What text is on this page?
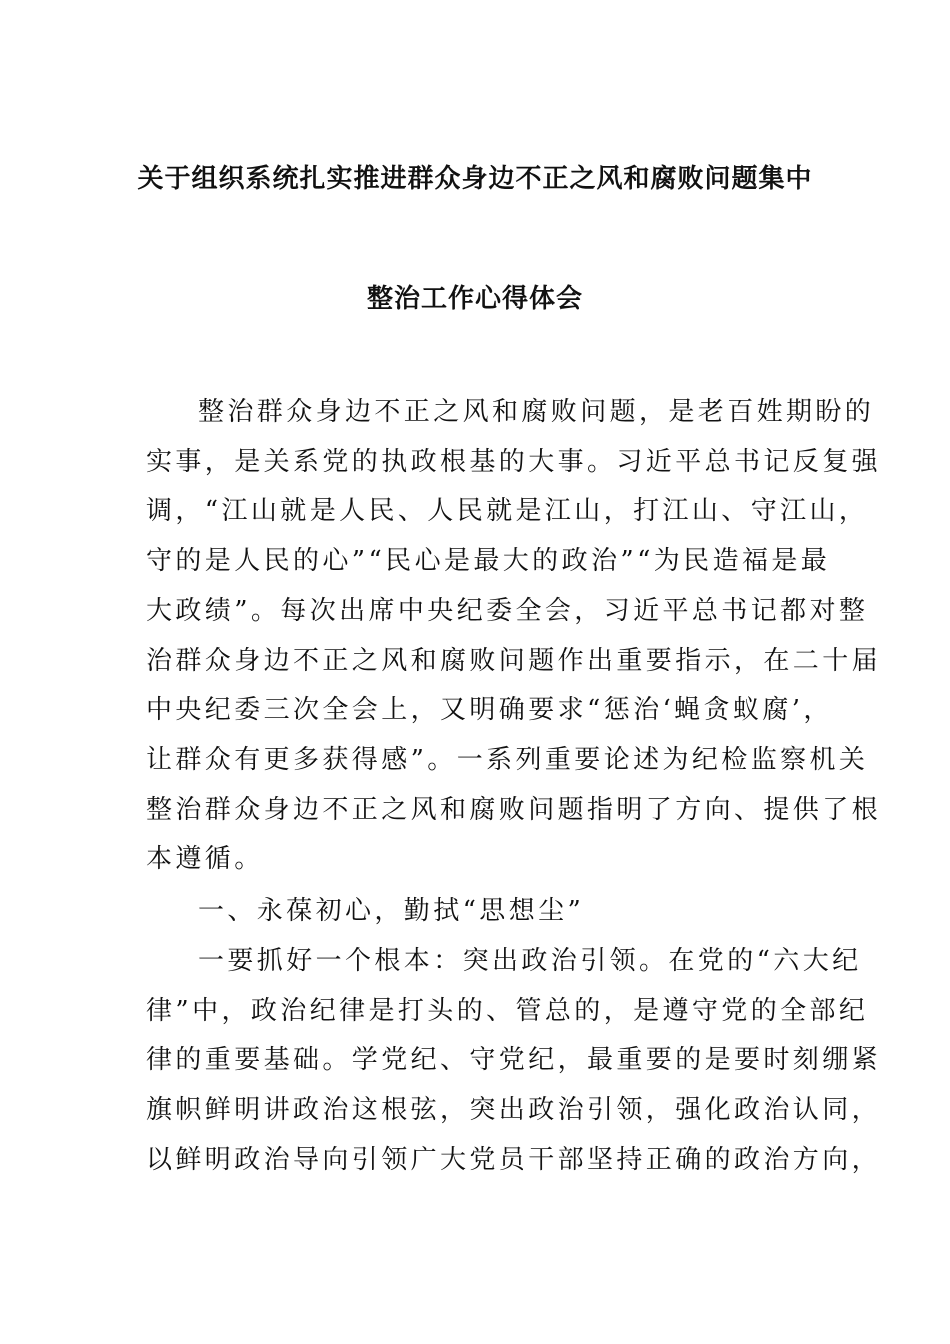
关于组织系统扎实推进群众身边不正之风和腐败问题集中
整治工作心得体会
整治群众身边不正之风和腐败问题，是老百姓期盼的
实事，是关系党的执政根基的大事。习近平总书记反复强
调，“江山就是人民、人民就是江山，打江山、守江山，
守的是人民的心”“民心是最大的政治”“为民造福是最
大政绩”。每次出席中央纪委全会，习近平总书记都对整
治群众身边不正之风和腐败问题作出重要指示，在二十届
中央纪委三次全会上，又明确要求“惩治‘蝇贪蚁腐’，
让群众有更多获得感”。一系列重要论述为纪检监察机关
整治群众身边不正之风和腐败问题指明了方向、提供了根
本遵循。
一、永葆初心，勤拭“思想尘”
一要抓好一个根本：突出政治引领。在党的“六大纪
律”中，政治纪律是打头的、管总的，是遵守党的全部纪
律的重要基础。学党纪、守党纪，最重要的是要时刻绷紧
旗帜鲜明讲政治这根弦，突出政治引领，强化政治认同，
以鲜明政治导向引领广大党员干部坚持正确的政治方向，
